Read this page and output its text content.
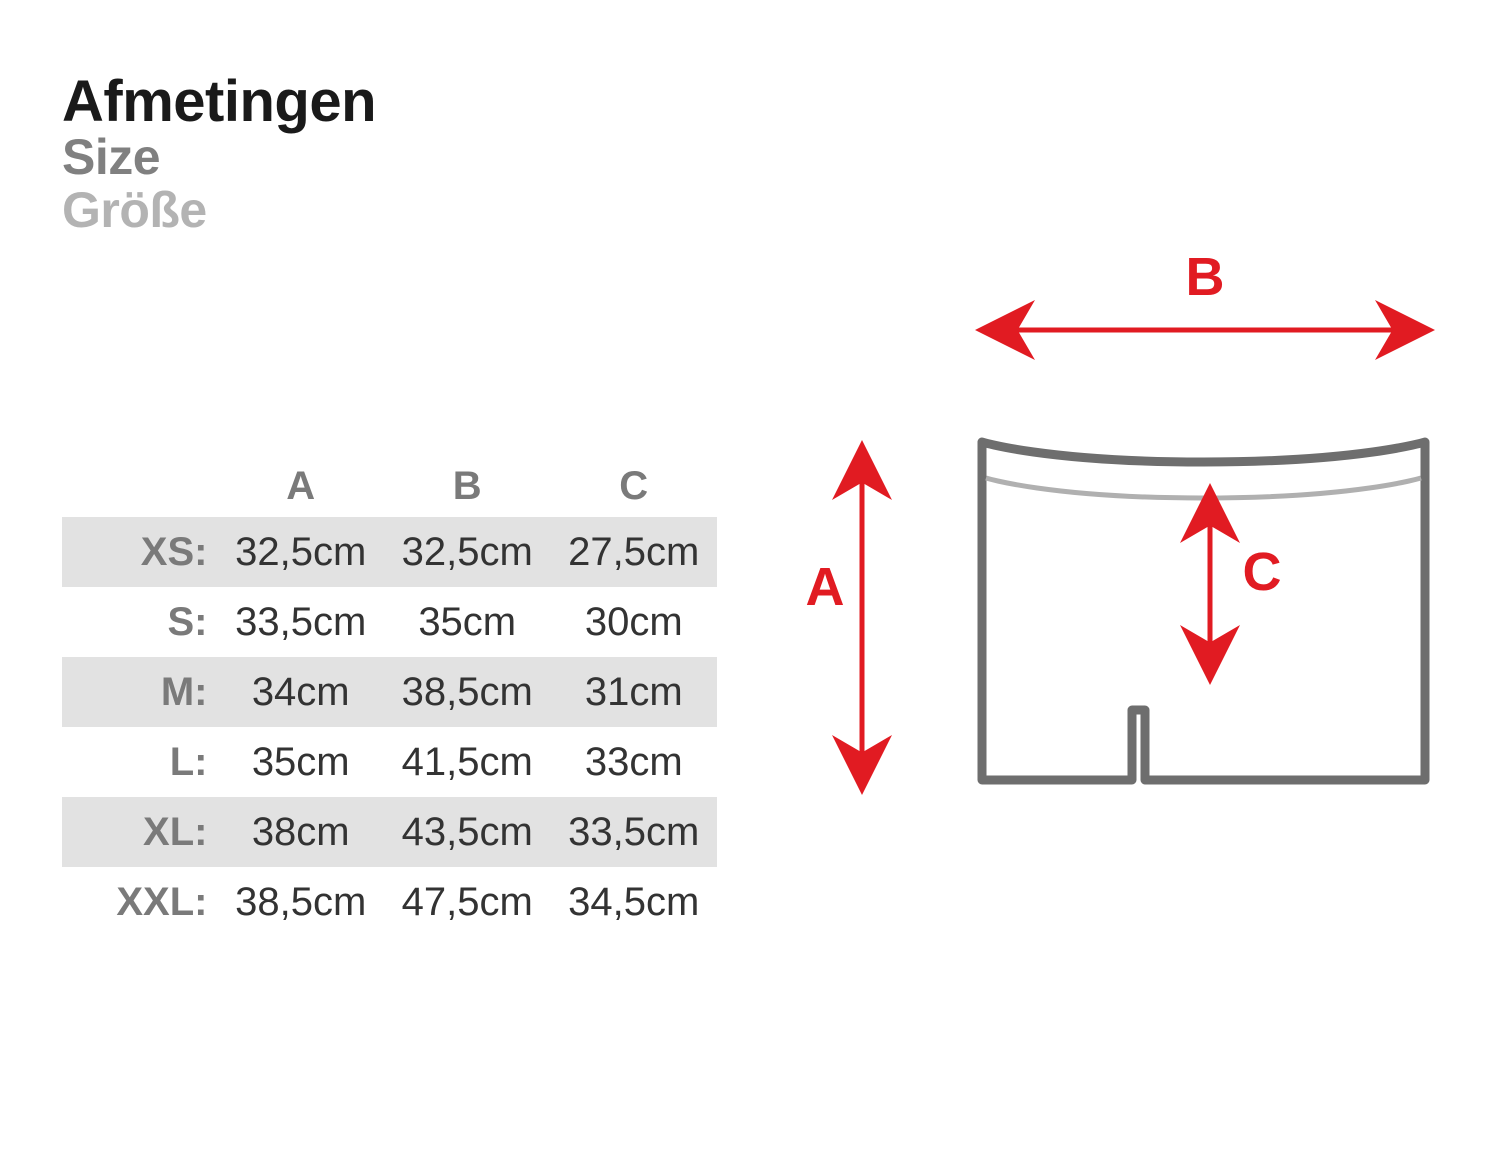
Afmetingen
Size
Größe
	A	B	C
XS:	32,5cm	32,5cm	27,5cm
S:	33,5cm	35cm	30cm
M:	34cm	38,5cm	31cm
L:	35cm	41,5cm	33cm
XL:	38cm	43,5cm	33,5cm
XXL:	38,5cm	47,5cm	34,5cm
B
A	C
